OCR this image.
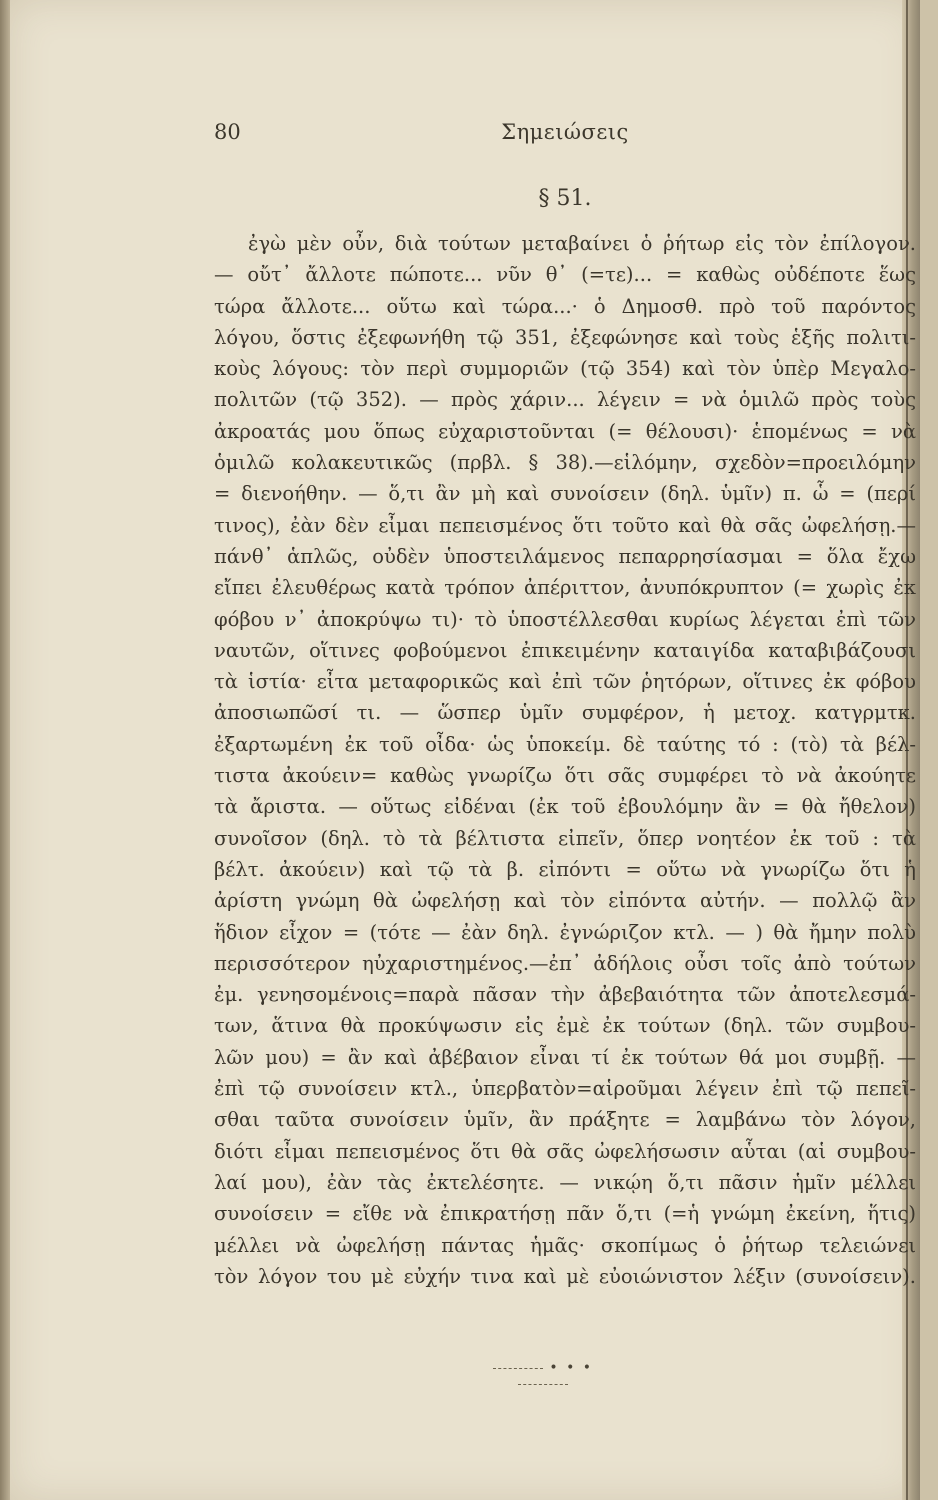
80	Σημειώσεις
§ 51.
ἐγὼ μὲν οὖν, διὰ τούτων μεταβαίνει ὁ ῥήτωρ εἰς τὸν ἐπίλογον.
— οὔτ᾽ ἄλλοτε πώποτε... νῦν θ᾽ (=τε)... = καθὼς οὐδέποτε ἕως
τώρα ἄλλοτε... οὕτω καὶ τώρα...· ὁ Δημοσθ. πρὸ τοῦ παρόντος
λόγου, ὅστις ἐξεφωνήθη τῷ 351, ἐξεφώνησε καὶ τοὺς ἑξῆς πολιτι-
κοὺς λόγους: τὸν περὶ συμμοριῶν (τῷ 354) καὶ τὸν ὑπὲρ Μεγαλο-
πολιτῶν (τῷ 352). — πρὸς χάριν... λέγειν = νὰ ὁμιλῶ πρὸς τοὺς
ἀκροατάς μου ὅπως εὐχαριστοῦνται (= θέλουσι)· ἑπομένως = νὰ
ὁμιλῶ κολακευτικῶς (πρβλ. § 38).—εἱλόμην, σχεδὸν=προειλόμην
= διενοήθην. — ὅ,τι ἂν μὴ καὶ συνοίσειν (δηλ. ὑμῖν) π. ὧ = (περί
τινος), ἐὰν δὲν εἶμαι πεπεισμένος ὅτι τοῦτο καὶ θὰ σᾶς ὠφελήσῃ.—
πάνθ᾽ ἁπλῶς, οὐδὲν ὑποστειλάμενος πεπαρρησίασμαι = ὅλα ἔχω
εἴπει ἐλευθέρως κατὰ τρόπον ἀπέριττον, ἀνυπόκρυπτον (= χωρὶς ἐκ
φόβου ν᾽ ἀποκρύψω τι)· τὸ ὑποστέλλεσθαι κυρίως λέγεται ἐπὶ τῶν
ναυτῶν, οἵτινες φοβούμενοι ἐπικειμένην καταιγίδα καταβιβάζουσι
τὰ ἱστία· εἶτα μεταφορικῶς καὶ ἐπὶ τῶν ῥητόρων, οἵτινες ἐκ φόβου
ἀποσιωπῶσί τι. — ὥσπερ ὑμῖν συμφέρον, ἡ μετοχ. κατγρμτκ.
ἐξαρτωμένη ἐκ τοῦ οἶδα· ὡς ὑποκείμ. δὲ ταύτης τό : (τὸ) τὰ βέλ-
τιστα ἀκούειν= καθὼς γνωρίζω ὅτι σᾶς συμφέρει τὸ νὰ ἀκούητε
τὰ ἄριστα. — οὕτως εἰδέναι (ἐκ τοῦ ἐβουλόμην ἂν = θὰ ἤθελον)
συνοῖσον (δηλ. τὸ τὰ βέλτιστα εἰπεῖν, ὅπερ νοητέον ἐκ τοῦ : τὰ
βέλτ. ἀκούειν) καὶ τῷ τὰ β. εἰπόντι = οὕτω νὰ γνωρίζω ὅτι ἡ
ἀρίστη γνώμη θὰ ὠφελήσῃ καὶ τὸν εἰπόντα αὐτήν. — πολλῷ ἂν
ἥδιον εἶχον = (τότε — ἐὰν δηλ. ἐγνώριζον κτλ. — ) θὰ ἤμην πολὺ
περισσότερον ηὐχαριστημένος.—ἐπ᾽ ἀδήλοις οὖσι τοῖς ἀπὸ τούτων
ἐμ. γενησομένοις=παρὰ πᾶσαν τὴν ἀβεβαιότητα τῶν ἀποτελεσμά-
των, ἅτινα θὰ προκύψωσιν εἰς ἐμὲ ἐκ τούτων (δηλ. τῶν συμβου-
λῶν μου) = ἂν καὶ ἀβέβαιον εἶναι τί ἐκ τούτων θά μοι συμβῇ. —
ἐπὶ τῷ συνοίσειν κτλ., ὑπερβατὸν=αἱροῦμαι λέγειν ἐπὶ τῷ πεπεῖ-
σθαι ταῦτα συνοίσειν ὑμῖν, ἂν πράξητε = λαμβάνω τὸν λόγον,
διότι εἶμαι πεπεισμένος ὅτι θὰ σᾶς ὠφελήσωσιν αὗται (αἱ συμβου-
λαί μου), ἐὰν τὰς ἐκτελέσητε. — νικῴη ὅ,τι πᾶσιν ἡμῖν μέλλει
συνοίσειν = εἴθε νὰ ἐπικρατήσῃ πᾶν ὅ,τι (=ἡ γνώμη ἐκείνη, ἥτις)
μέλλει νὰ ὠφελήσῃ πάντας ἡμᾶς· σκοπίμως ὁ ῥήτωρ τελειώνει
τὸν λόγον του μὲ εὐχήν τινα καὶ μὲ εὐοιώνιστον λέξιν (συνοίσειν).
• • •
